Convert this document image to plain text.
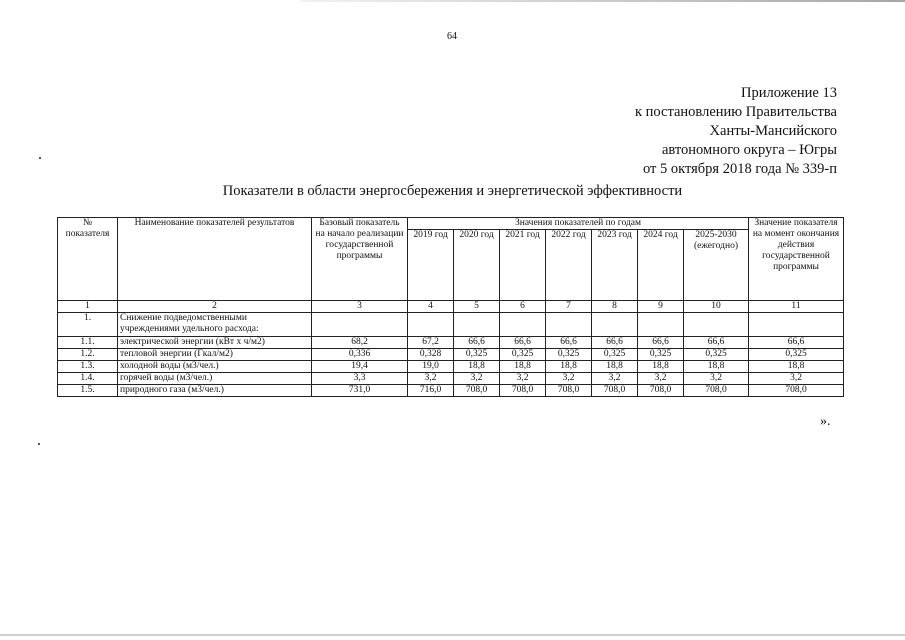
64
Приложение 13
к постановлению Правительства
Ханты-Мансийского
автономного округа – Югры
от 5 октября 2018 года № 339-п
Показатели в области энергосбережения и энергетической эффективности
№ показателя	Наименование показателей результатов	Базовый показатель на начало реализации государственной программы	Значения показателей по годам							Значение показателя на момент окончания действия государственной программы
			2019 год	2020 год	2021 год	2022 год	2023 год	2024 год	2025-2030 (ежегодно)	
1	2	3	4	5	6	7	8	9	10	11
1.	Снижение подведомственными учреждениями удельного расхода:									
1.1.	электрической энергии (кВт х ч/м2)	68,2	67,2	66,6	66,6	66,6	66,6	66,6	66,6	66,6
1.2.	тепловой энергии (Гкал/м2)	0,336	0,328	0,325	0,325	0,325	0,325	0,325	0,325	0,325
1.3.	холодной воды (м3/чел.)	19,4	19,0	18,8	18,8	18,8	18,8	18,8	18,8	18,8
1.4.	горячей воды (м3/чел.)	3,3	3,2	3,2	3,2	3,2	3,2	3,2	3,2	3,2
1.5.	природного газа (м3/чел.)	731,0	716,0	708,0	708,0	708,0	708,0	708,0	708,0	708,0
».
